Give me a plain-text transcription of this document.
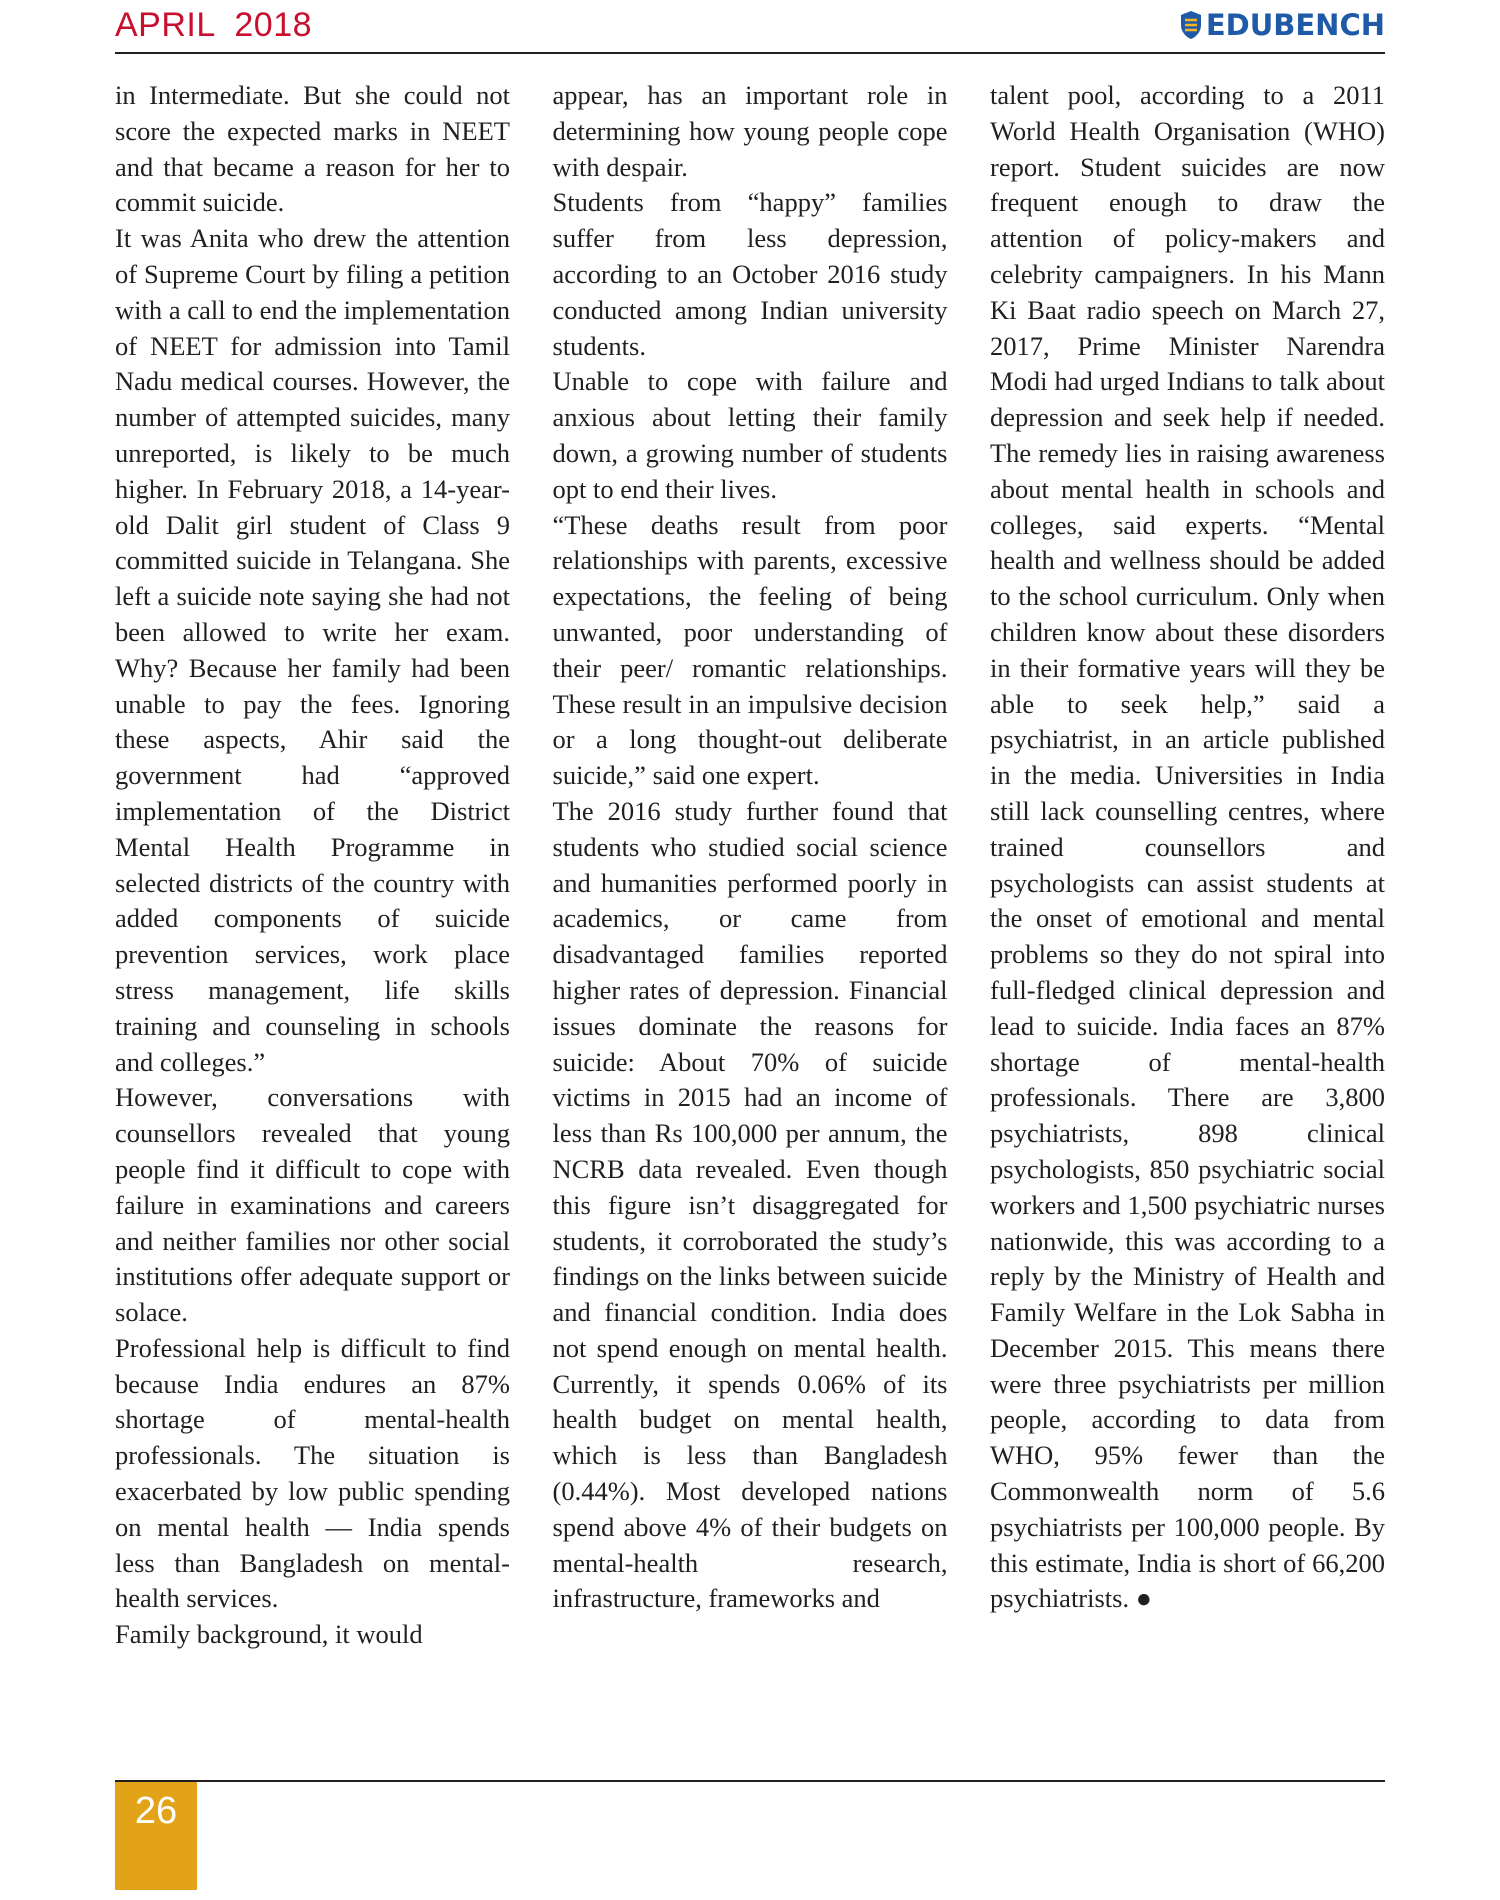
APRIL  2018	EDUBENCH

in Intermediate. But she could not score the expected marks in NEET and that became a reason for her to commit suicide.

It was Anita who drew the attention of Supreme Court by filing a petition with a call to end the implementation of NEET for admission into Tamil Nadu medical courses. However, the number of attempted suicides, many unreported, is likely to be much higher. In February 2018, a 14-year-old Dalit girl student of Class 9 committed suicide in Telangana. She left a suicide note saying she had not been allowed to write her exam. Why? Because her family had been unable to pay the fees. Ignoring these aspects, Ahir said the government had “approved implementation of the District Mental Health Programme in selected districts of the country with added components of suicide prevention services, work place stress management, life skills training and counseling in schools and colleges.”

However, conversations with counsellors revealed that young people find it difficult to cope with failure in examinations and careers and neither families nor other social institutions offer adequate support or solace.

Professional help is difficult to find because India endures an 87% shortage of mental-health professionals. The situation is exacerbated by low public spending on mental health — India spends less than Bangladesh on mental-health services.

Family background, it would

appear, has an important role in determining how young people cope with despair.

Students from “happy” families suffer from less depression, according to an October 2016 study conducted among Indian university students.

Unable to cope with failure and anxious about letting their family down, a growing number of students opt to end their lives.

“These deaths result from poor relationships with parents, excessive expectations, the feeling of being unwanted, poor understanding of their peer/ romantic relationships. These result in an impulsive decision or a long thought-out deliberate suicide,” said one expert.

The 2016 study further found that students who studied social science and humanities performed poorly in academics, or came from disadvantaged families reported higher rates of depression. Financial issues dominate the reasons for suicide: About 70% of suicide victims in 2015 had an income of less than Rs 100,000 per annum, the NCRB data revealed. Even though this figure isn’t disaggregated for students, it corroborated the study’s findings on the links between suicide and financial condition. India does not spend enough on mental health. Currently, it spends 0.06% of its health budget on mental health, which is less than Bangladesh (0.44%). Most developed nations spend above 4% of their budgets on mental-health research, infrastructure, frameworks and

talent pool, according to a 2011 World Health Organisation (WHO) report. Student suicides are now frequent enough to draw the attention of policy-makers and celebrity campaigners. In his Mann Ki Baat radio speech on March 27, 2017, Prime Minister Narendra Modi had urged Indians to talk about depression and seek help if needed. The remedy lies in raising awareness about mental health in schools and colleges, said experts. “Mental health and wellness should be added to the school curriculum. Only when children know about these disorders in their formative years will they be able to seek help,” said a psychiatrist, in an article published in the media. Universities in India still lack counselling centres, where trained counsellors and psychologists can assist students at the onset of emotional and mental problems so they do not spiral into full-fledged clinical depression and lead to suicide. India faces an 87% shortage of mental-health professionals. There are 3,800 psychiatrists, 898 clinical psychologists, 850 psychiatric social workers and 1,500 psychiatric nurses nationwide, this was according to a reply by the Ministry of Health and Family Welfare in the Lok Sabha in December 2015. This means there were three psychiatrists per million people, according to data from WHO, 95% fewer than the Commonwealth norm of 5.6 psychiatrists per 100,000 people. By this estimate, India is short of 66,200 psychiatrists. ●

26
